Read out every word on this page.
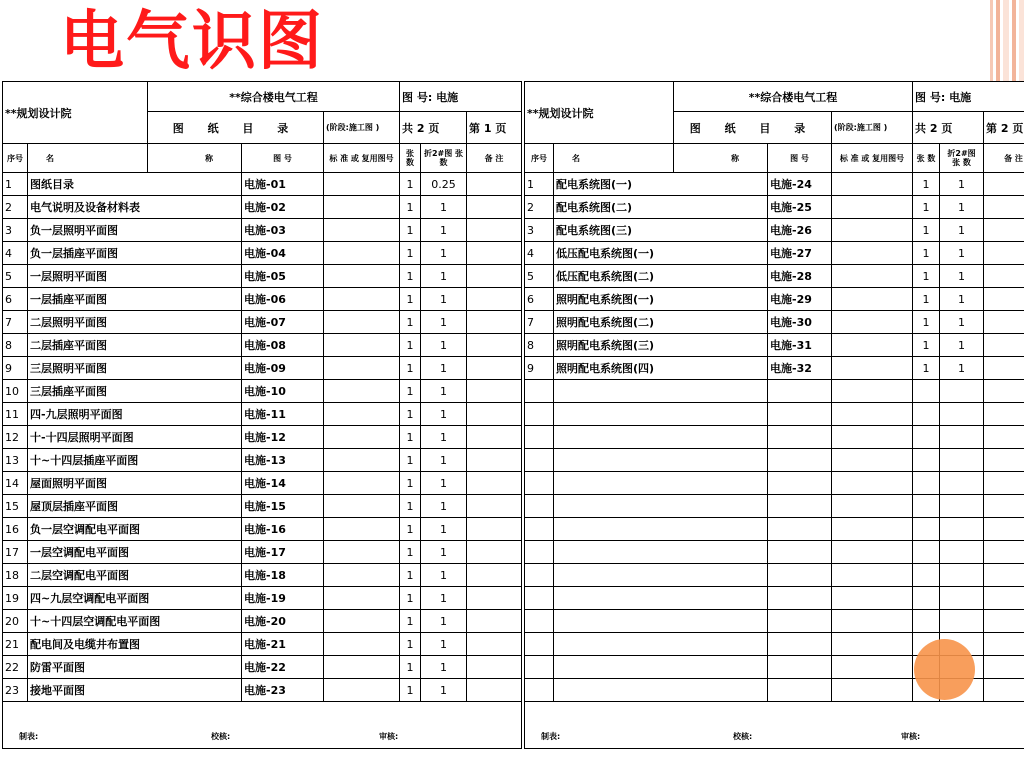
电气识图
**规划设计院		**综合楼电气工程			图 号: 电施		
		图 纸 目 录		(阶段:施工图 )	共 2 页		第 1 页
序号	名	称	图 号	标 准 或 复用图号	张 数	折2#图 张 数	备 注
1	图纸目录		电施-01		1	0.25	
2	电气说明及设备材料表		电施-02		1	1	
3	负一层照明平面图		电施-03		1	1	
4	负一层插座平面图		电施-04		1	1	
5	一层照明平面图		电施-05		1	1	
6	一层插座平面图		电施-06		1	1	
7	二层照明平面图		电施-07		1	1	
8	二层插座平面图		电施-08		1	1	
9	三层照明平面图		电施-09		1	1	
10	三层插座平面图		电施-10		1	1	
11	四-九层照明平面图		电施-11		1	1	
12	十-十四层照明平面图		电施-12		1	1	
13	十~十四层插座平面图		电施-13		1	1	
14	屋面照明平面图		电施-14		1	1	
15	屋顶层插座平面图		电施-15		1	1	
16	负一层空调配电平面图		电施-16		1	1	
17	一层空调配电平面图		电施-17		1	1	
18	二层空调配电平面图		电施-18		1	1	
19	四~九层空调配电平面图		电施-19		1	1	
20	十~十四层空调配电平面图		电施-20		1	1	
21	配电间及电缆井布置图		电施-21		1	1	
22	防雷平面图		电施-22		1	1	
23	接地平面图		电施-23		1	1	

制表: 校核: 审核:							
**规划设计院		**综合楼电气工程			图 号: 电施		
		图 纸 目 录		(阶段:施工图 )	共 2 页		第 2 页
序号	名	称	图 号	标 准 或 复用图号	张 数	折2#图 张 数	备 注
1	配电系统图(一)		电施-24		1	1	
2	配电系统图(二)		电施-25		1	1	
3	配电系统图(三)		电施-26		1	1	
4	低压配电系统图(一)		电施-27		1	1	
5	低压配电系统图(二)		电施-28		1	1	
6	照明配电系统图(一)		电施-29		1	1	
7	照明配电系统图(二)		电施-30		1	1	
8	照明配电系统图(三)		电施-31		1	1	
9	照明配电系统图(四)		电施-32		1	1	

制表: 校核: 审核:							
